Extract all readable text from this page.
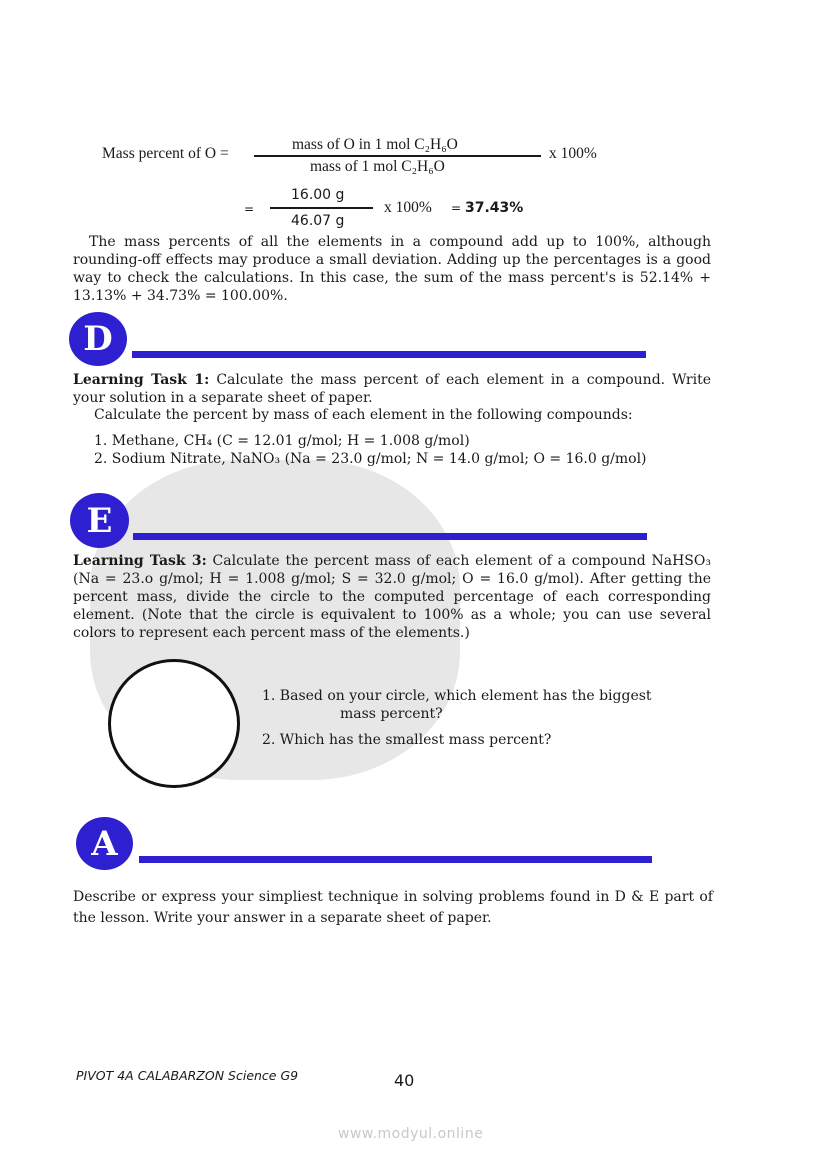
Mass percent of O =
mass of O in 1 mol C₂H₆O
mass of 1 mol C₂H₆O
x 100%
=
16.00 g
46.07 g
x 100% = 37.43%

The mass percents of all the elements in a compound add up to 100%, although rounding-off effects may produce a small deviation. Adding up the percentages is a good way to check the calculations. In this case, the sum of the mass percent's is 52.14% + 13.13% + 34.73% = 100.00%.

D

Learning Task 1: Calculate the mass percent of each element in a compound. Write your solution in a separate sheet of paper.

Calculate the percent by mass of each element in the following compounds:
1. Methane, CH₄ (C = 12.01 g/mol; H = 1.008 g/mol)
2. Sodium Nitrate, NaNO₃ (Na = 23.0 g/mol; N = 14.0 g/mol; O = 16.0 g/mol)
E

Learning Task 3: Calculate the percent mass of each element of a compound NaHSO₃ (Na = 23.o g/mol; H = 1.008 g/mol; S = 32.0 g/mol; O = 16.0 g/mol). After getting the percent mass, divide the circle to the computed percentage of each corresponding element. (Note that the circle is equivalent to 100% as a whole; you can use several colors to represent each percent mass of the elements.)

1. Based on your circle, which element has the biggest
mass percent?
2. Which has the smallest mass percent?
A

Describe or express your simpliest technique in solving problems found in D & E part of the lesson. Write your answer in a separate sheet of paper.

PIVOT 4A CALABARZON Science G9	40
www.modyul.online
